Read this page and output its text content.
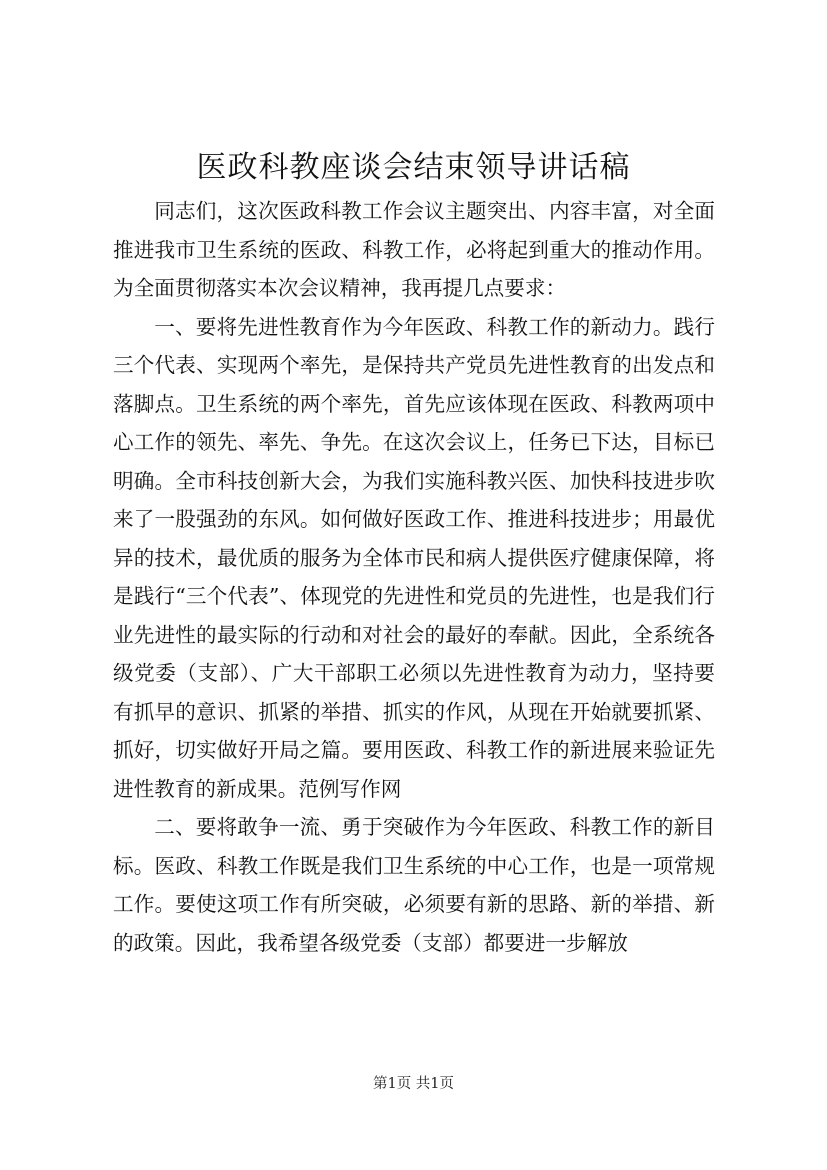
医政科教座谈会结束领导讲话稿

同志们，这次医政科教工作会议主题突出、内容丰富，对全面推进我市卫生系统的医政、科教工作，必将起到重大的推动作用。为全面贯彻落实本次会议精神，我再提几点要求：

一、要将先进性教育作为今年医政、科教工作的新动力。践行三个代表、实现两个率先，是保持共产党员先进性教育的出发点和落脚点。卫生系统的两个率先，首先应该体现在医政、科教两项中心工作的领先、率先、争先。在这次会议上，任务已下达，目标已明确。全市科技创新大会，为我们实施科教兴医、加快科技进步吹来了一股强劲的东风。如何做好医政工作、推进科技进步；用最优异的技术，最优质的服务为全体市民和病人提供医疗健康保障，将是践行“三个代表”、体现党的先进性和党员的先进性，也是我们行业先进性的最实际的行动和对社会的最好的奉献。因此，全系统各级党委（支部）、广大干部职工必须以先进性教育为动力，坚持要有抓早的意识、抓紧的举措、抓实的作风，从现在开始就要抓紧、抓好，切实做好开局之篇。要用医政、科教工作的新进展来验证先进性教育的新成果。范例写作网

二、要将敢争一流、勇于突破作为今年医政、科教工作的新目标。医政、科教工作既是我们卫生系统的中心工作，也是一项常规工作。要使这项工作有所突破，必须要有新的思路、新的举措、新的政策。因此，我希望各级党委（支部）都要进一步解放

第1页 共1页
